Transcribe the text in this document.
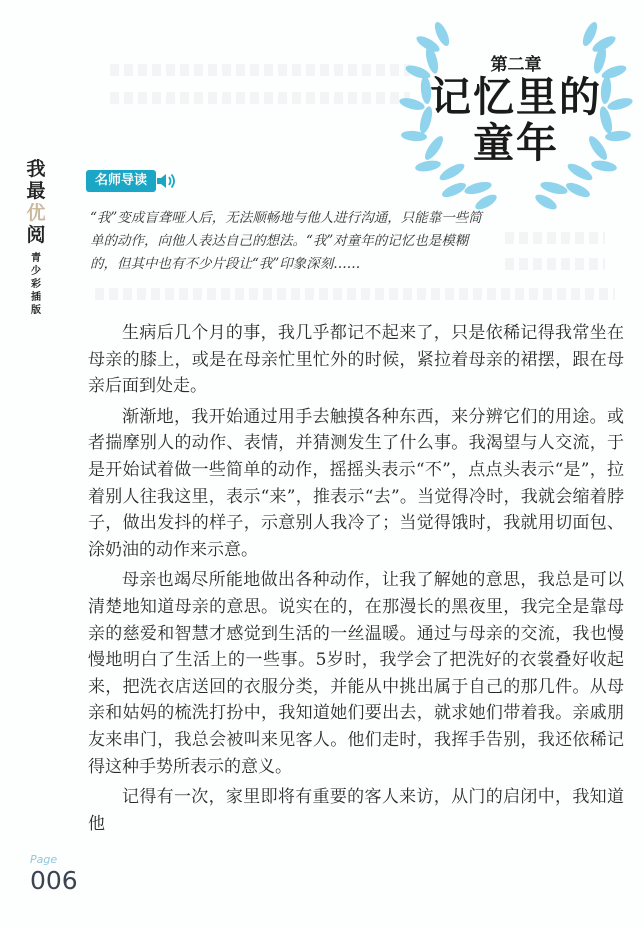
我
最
优
阅
青
少
彩
插
版
第二章
记忆里的
童年
名师导读
“我”变成盲聋哑人后，无法顺畅地与他人进行沟通，只能靠一些简单的动作，向他人表达自己的想法。“我”对童年的记忆也是模糊的，但其中也有不少片段让“我”印象深刻……

生病后几个月的事，我几乎都记不起来了，只是依稀记得我常坐在母亲的膝上，或是在母亲忙里忙外的时候，紧拉着母亲的裙摆，跟在母亲后面到处走。

渐渐地，我开始通过用手去触摸各种东西，来分辨它们的用途。或者揣摩别人的动作、表情，并猜测发生了什么事。我渴望与人交流，于是开始试着做一些简单的动作，摇摇头表示“不”，点点头表示“是”，拉着别人往我这里，表示“来”，推表示“去”。当觉得冷时，我就会缩着脖子，做出发抖的样子，示意别人我冷了；当觉得饿时，我就用切面包、涂奶油的动作来示意。

母亲也竭尽所能地做出各种动作，让我了解她的意思，我总是可以清楚地知道母亲的意思。说实在的，在那漫长的黑夜里，我完全是靠母亲的慈爱和智慧才感觉到生活的一丝温暖。通过与母亲的交流，我也慢慢地明白了生活上的一些事。5岁时，我学会了把洗好的衣裳叠好收起来，把洗衣店送回的衣服分类，并能从中挑出属于自己的那几件。从母亲和姑妈的梳洗打扮中，我知道她们要出去，就求她们带着我。亲戚朋友来串门，我总会被叫来见客人。他们走时，我挥手告别，我还依稀记得这种手势所表示的意义。

记得有一次，家里即将有重要的客人来访，从门的启闭中，我知道他

Page
006
